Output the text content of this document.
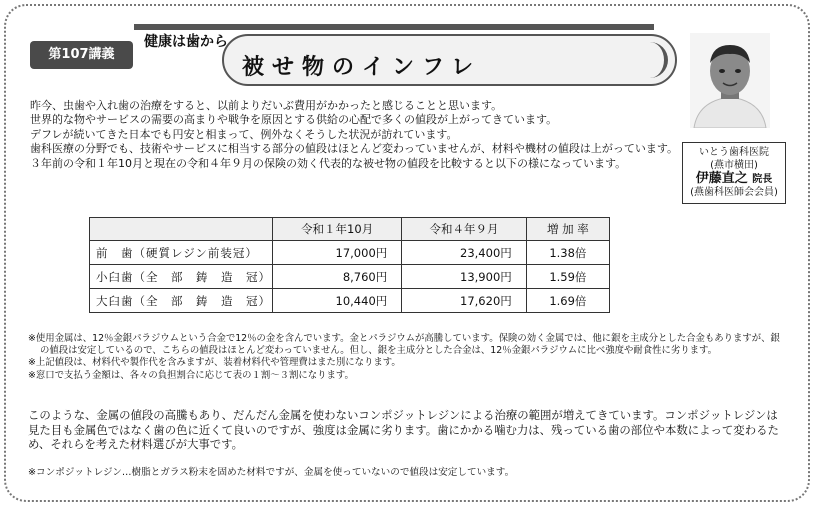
第107講義
健康は歯から
被せ物のインフレ
いとう歯科医院
(燕市横田)
伊藤直之 院長
(燕歯科医師会会員)

昨今、虫歯や入れ歯の治療をすると、以前よりだいぶ費用がかかったと感じることと思います。

世界的な物やサービスの需要の高まりや戦争を原因とする供給の心配で多くの値段が上がってきています。

デフレが続いてきた日本でも円安と相まって、例外なくそうした状況が訪れています。

歯科医療の分野でも、技術やサービスに相当する部分の値段はほとんど変わっていませんが、材料や機材の値段は上がっています。

３年前の令和１年10月と現在の令和４年９月の保険の効く代表的な被せ物の値段を比較すると以下の様になっています。

	令和１年10月	令和４年９月	増 加 率
前　歯（硬質レジン前装冠）	17,000円	23,400円	1.38倍
小臼歯（全　部　鋳　造　冠）	8,760円	13,900円	1.59倍
大臼歯（全　部　鋳　造　冠）	10,440円	17,620円	1.69倍

※使用金属は、12％金銀パラジウムという合金で12％の金を含んでいます。金とパラジウムが高騰しています。保険の効く金属では、他に銀を主成分とした合金もありますが、銀の値段は安定しているので、こちらの値段はほとんど変わっていません。但し、銀を主成分とした合金は、12％金銀パラジウムに比べ強度や耐食性に劣ります。

※上記値段は、材料代や製作代を含みますが、装着材料代や管理費はまた別になります。

※窓口で支払う金額は、各々の負担割合に応じて表の１割〜３割になります。

このような、金属の値段の高騰もあり、だんだん金属を使わないコンポジットレジンによる治療の範囲が増えてきています。コンポジットレジンは見た目も金属色ではなく歯の色に近くて良いのですが、強度は金属に劣ります。歯にかかる噛む力は、残っている歯の部位や本数によって変わるため、それらを考えた材料選びが大事です。

※コンポジットレジン…樹脂とガラス粉末を固めた材料ですが、金属を使っていないので値段は安定しています。
